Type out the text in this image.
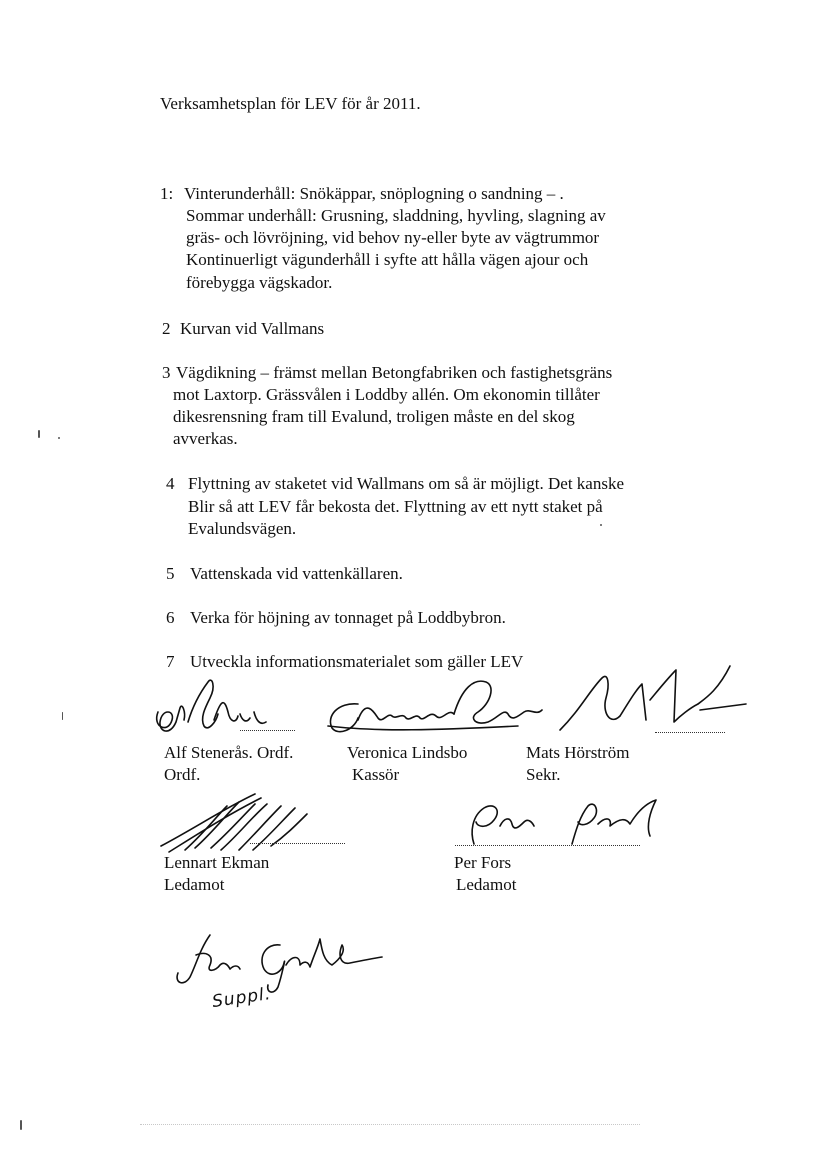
Verksamhetsplan för LEV för år 2011.
1: Vinterunderhåll: Snökäppar, snöplogning o sandning – .
Sommar underhåll: Grusning, sladdning, hyvling, slagning av
gräs- och lövröjning, vid behov ny-eller byte av vägtrummor
Kontinuerligt vägunderhåll i syfte att hålla vägen ajour och
förebygga vägskador.
2 Kurvan vid Vallmans
3 Vägdikning – främst mellan Betongfabriken och fastighetsgräns
mot Laxtorp. Grässvålen i Loddby allén. Om ekonomin tillåter
dikesrensning fram till Evalund, troligen måste en del skog
avverkas.
4 Flyttning av staketet vid Wallmans om så är möjligt. Det kanske
Blir så att LEV får bekosta det. Flyttning av ett nytt staket på
Evalundsvägen.
5 Vattenskada vid vattenkällaren.
6 Verka för höjning av tonnaget på Loddbybron.
7 Utveckla informationsmaterialet som gäller LEV
Alf Stenerås. Ordf.
Ordf.
Veronica Lindsbo
Kassör
Mats Hörström
Sekr.
Lennart Ekman
Ledamot
Per Fors
Ledamot
Suppl.
